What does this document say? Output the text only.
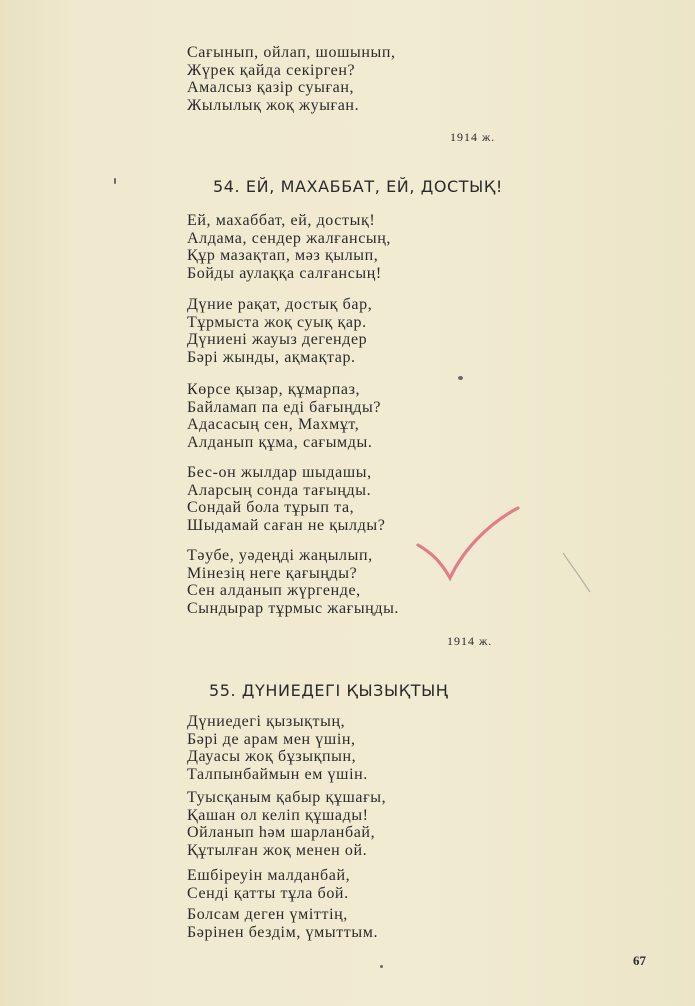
Сағынып, ойлап, шошынып,
Жүрек қайда секірген?
Амалсыз қазір суыған,
Жылылық жоқ жуыған.
1914 ж.
54. ЕЙ, МАХАББАТ, ЕЙ, ДОСТЫҚ!
Ей, махаббат, ей, достық!
Алдама, сендер жалғансың,
Құр мазақтап, мәз қылып,
Бойды аулаққа салғансың!
Дүние рақат, достық бар,
Тұрмыста жоқ суық қар.
Дүниені жауыз дегендер
Бәрі жынды, ақмақтар.
Көрсе қызар, құмарпаз,
Байламап па еді бағыңды?
Адасасың сен, Махмұт,
Алданып құма, сағымды.
Бес-он жылдар шыдашы,
Аларсың сонда тағыңды.
Сондай бола тұрып та,
Шыдамай саған не қылды?
Тәубе, уәдеңді жаңылып,
Мінезің неге қағыңды?
Сен алданып жүргенде,
Сындырар тұрмыс жағыңды.
1914 ж.
55. ДҮНИЕДЕГІ ҚЫЗЫҚТЫҢ
Дүниедегі қызықтың,
Бәрі де арам мен үшін,
Дауасы жоқ бұзықпын,
Талпынбаймын ем үшін.
Туысқаным қабыр құшағы,
Қашан ол келіп құшады!
Ойланып һәм шарланбай,
Құтылған жоқ менен ой.
Ешбіреуін малданбай,
Сенді қатты тұла бой.
Болсам деген үміттің,
Бәрінен бездім, үмыттым.
67
